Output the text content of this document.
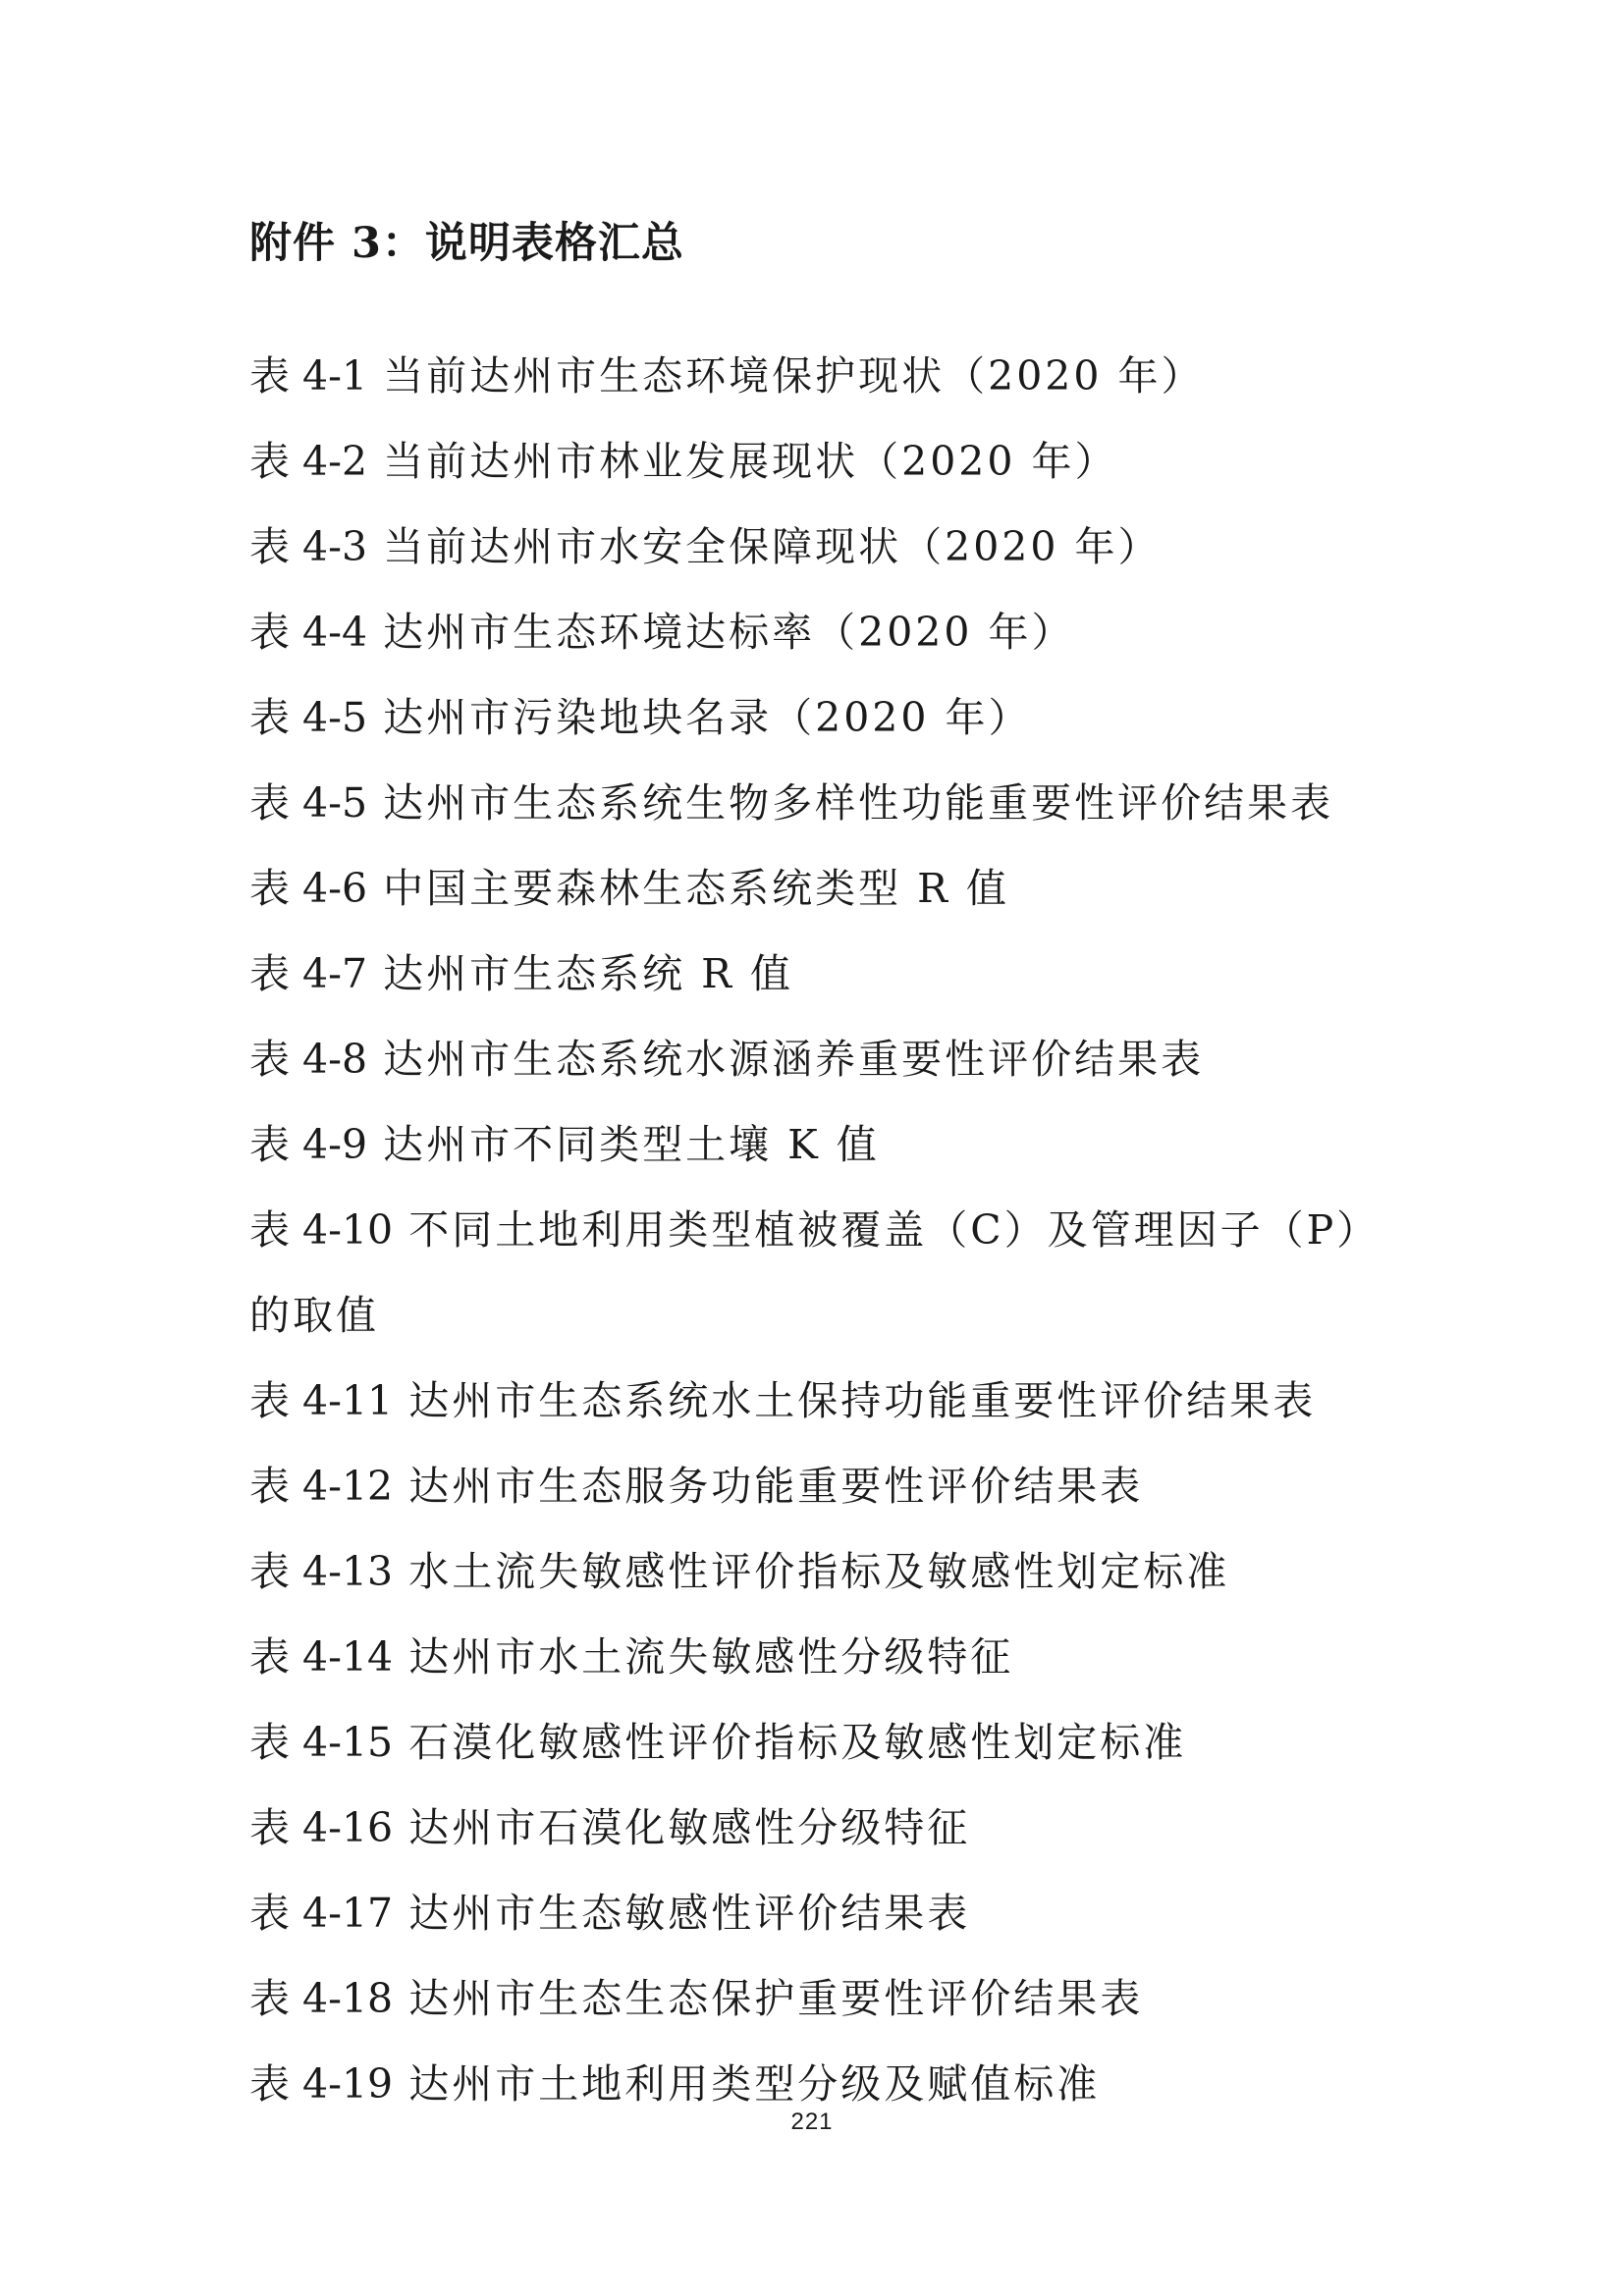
附件 3：说明表格汇总
表 4-1 当前达州市生态环境保护现状（2020 年）
表 4-2 当前达州市林业发展现状（2020 年）
表 4-3 当前达州市水安全保障现状（2020 年）
表 4-4 达州市生态环境达标率（2020 年）
表 4-5 达州市污染地块名录（2020 年）
表 4-5 达州市生态系统生物多样性功能重要性评价结果表
表 4-6 中国主要森林生态系统类型 R 值
表 4-7 达州市生态系统 R 值
表 4-8 达州市生态系统水源涵养重要性评价结果表
表 4-9 达州市不同类型土壤 K 值
表 4-10 不同土地利用类型植被覆盖（C）及管理因子（P）的取值
表 4-11 达州市生态系统水土保持功能重要性评价结果表
表 4-12 达州市生态服务功能重要性评价结果表
表 4-13 水土流失敏感性评价指标及敏感性划定标准
表 4-14 达州市水土流失敏感性分级特征
表 4-15 石漠化敏感性评价指标及敏感性划定标准
表 4-16 达州市石漠化敏感性分级特征
表 4-17 达州市生态敏感性评价结果表
表 4-18 达州市生态生态保护重要性评价结果表
表 4-19 达州市土地利用类型分级及赋值标准
221
